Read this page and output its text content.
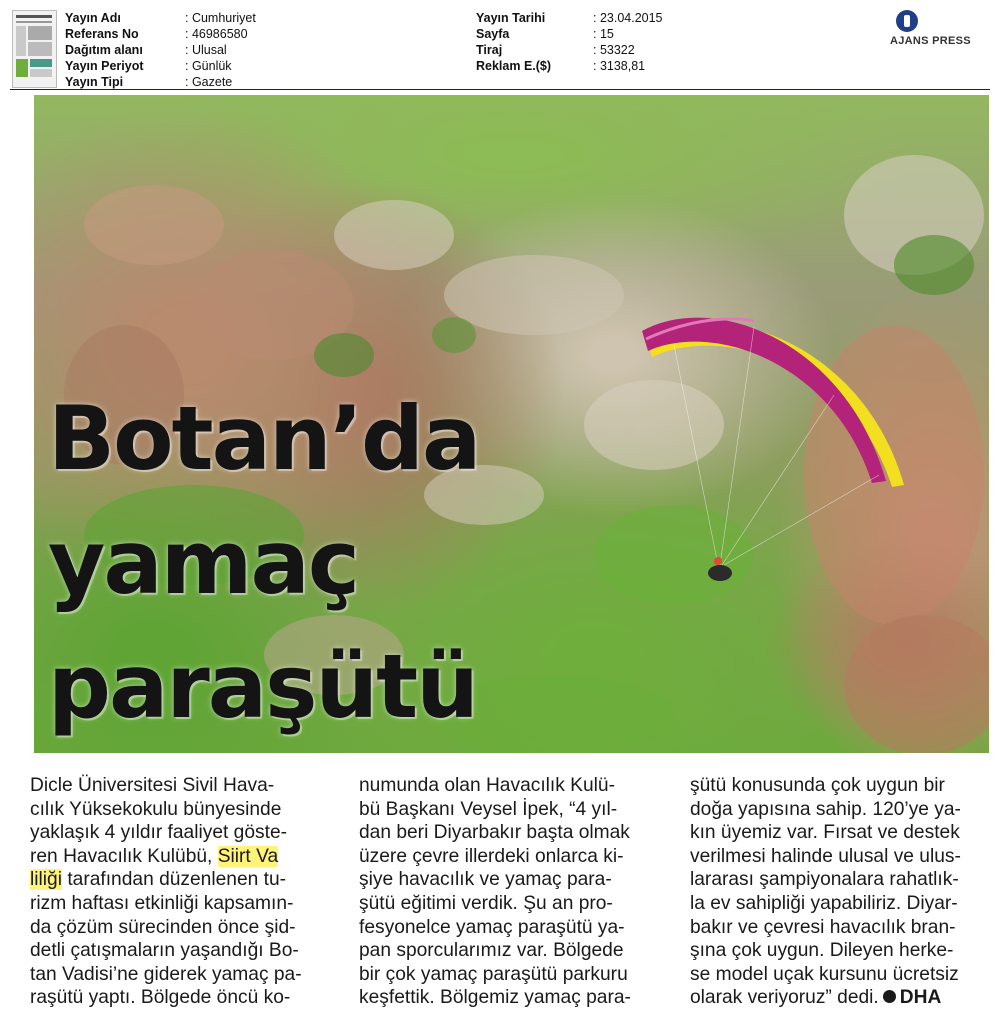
Yayın Adı	: Cumhuriyet
Referans No	: 46986580
Dağıtım alanı	: Ulusal
Yayın Periyot	: Günlük
Yayın Tipi	: Gazete
Yayın Tarihi	: 23.04.2015
Sayfa	: 15
Tiraj	: 53322
Reklam E.($)	: 3138,81
AJANS PRESS
Botan’da
yamaç
paraşütü
Dicle Üniversitesi Sivil Hava-
cılık Yüksekokulu bünyesinde
yaklaşık 4 yıldır faaliyet göste-
ren Havacılık Kulübü, Siirt Va
liliği tarafından düzenlenen tu-
rizm haftası etkinliği kapsamın-
da çözüm sürecinden önce şid-
detli çatışmaların yaşandığı Bo-
tan Vadisi’ne giderek yamaç pa-
raşütü yaptı. Bölgede öncü ko-
numunda olan Havacılık Kulü-
bü Başkanı Veysel İpek, “4 yıl-
dan beri Diyarbakır başta olmak
üzere çevre illerdeki onlarca ki-
şiye havacılık ve yamaç para-
şütü eğitimi verdik. Şu an pro-
fesyonelce yamaç paraşütü ya-
pan sporcularımız var. Bölgede
bir çok yamaç paraşütü parkuru
keşfettik. Bölgemiz yamaç para-
şütü konusunda çok uygun bir
doğa yapısına sahip. 120’ye ya-
kın üyemiz var. Fırsat ve destek
verilmesi halinde ulusal ve ulus-
lararası şampiyonalara rahatlık-
la ev sahipliği yapabiliriz. Diyar-
bakır ve çevresi havacılık bran-
şına çok uygun. Dileyen herke-
se model uçak kursunu ücretsiz
olarak veriyoruz” dedi. DHA
